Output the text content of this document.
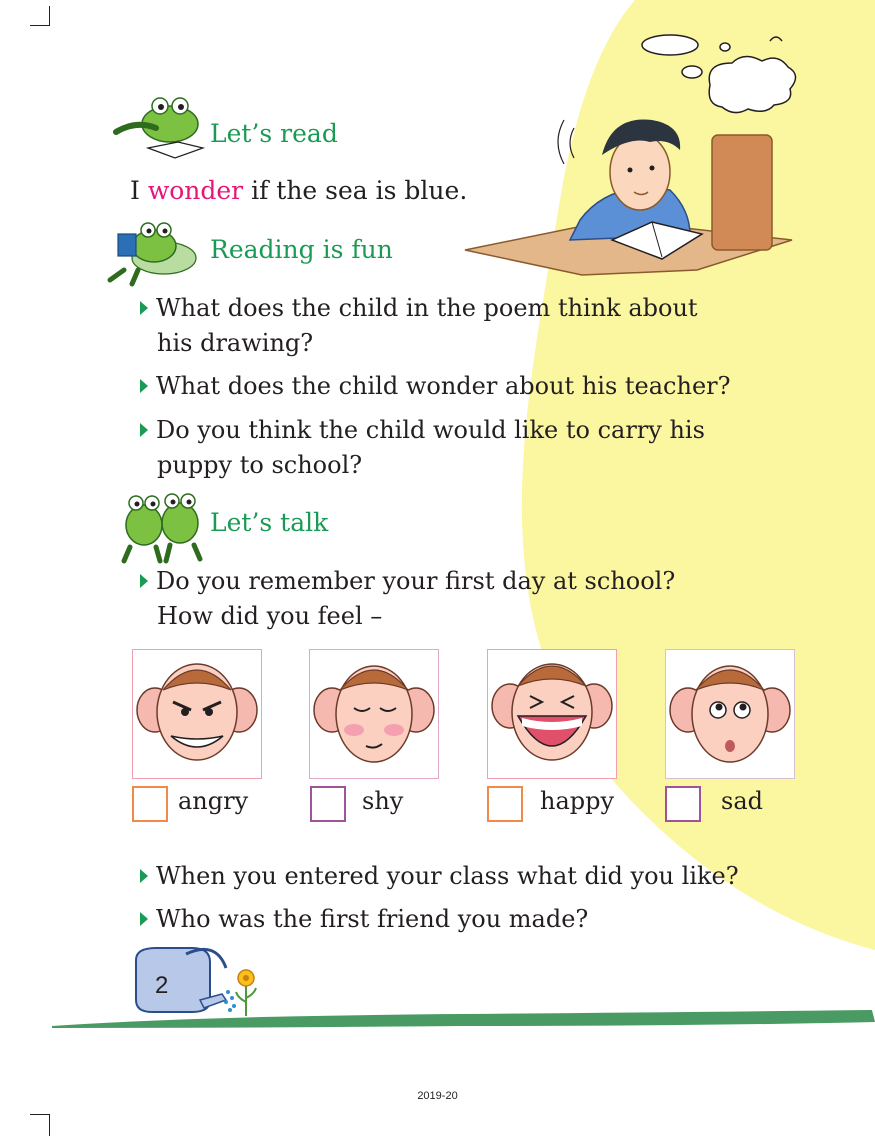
Let’s read
I wonder if the sea is blue.
Reading is fun
What does the child in the poem think about
his drawing?
What does the child wonder about his teacher?
Do you think the child would like to carry his
puppy to school?
Let’s talk
Do you remember your first day at school?
How did you feel –
angry	shy	happy	sad
When you entered your class what did you like?
Who was the first friend you made?
2
2019-20
